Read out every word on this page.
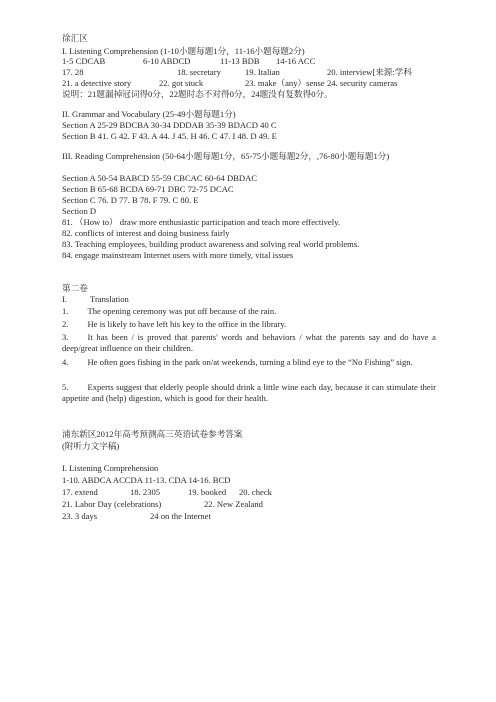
徐汇区
I. Listening Comprehension (1-10小题每题1分，11-16小题每题2分)
1-5 CDCAB	6-10 ABDCD	11-13 BDB 14-16 ACC
17. 28	18. secretary	19. Italian	20. interview[来源:学科
21. a detective story	22. got stuck	23. make（any）sense 24. security cameras
说明：21题漏掉冠词得0分，22题时态不对得0分，24题没有复数得0分。
II. Grammar and Vocabulary (25-49小题每题1分)
Section A 25-29 BDCBA 30-34 DDDAB 35-39 BDACD 40 C
Section B 41. G 42. F 43. A 44. J 45. H 46. C 47. I 48. D 49. E
III. Reading Comprehension (50-64小题每题1分，65-75小题每题2分，,76-80小题每题1分)
Section A 50-54 BABCD 55-59 CBCAC 60-64 DBDAC
Section B 65-68 BCDA 69-71 DBC 72-75 DCAC
Section C 76. D 77. B 78. F 79. C 80. E
Section D
81. （How to） draw more enthusiastic participation and teach more effectively.
82. conflicts of interest and doing business fairly
83. Teaching employees, building product awareness and solving real world problems.
84. engage mainstream Internet users with more timely, vital issues
第二卷
I.	Translation
1. The opening ceremony was put off because of the rain.
2. He is likely to have left his key to the office in the library.
3. It has been / is proved that parents' words and behaviors / what the parents say and do have a deep/great influence on their children.
4. He often goes fishing in the park on/at weekends, turning a blind eye to the “No Fishing” sign.
5. Experts suggest that elderly people should drink a little wine each day, because it can stimulate their appetite and (help) digestion, which is good for their health.
浦东新区2012年高考预测高三英语试卷参考答案
(附听力文字稿)
I. Listening Comprehension
1-10. ABDCA ACCDA 11-13. CDA 14-16. BCD
17. extend	18. 2305	19. booked 20. check
21. Labor Day (celebrations)	22. New Zealand
23. 3 days	24 on the Internet
